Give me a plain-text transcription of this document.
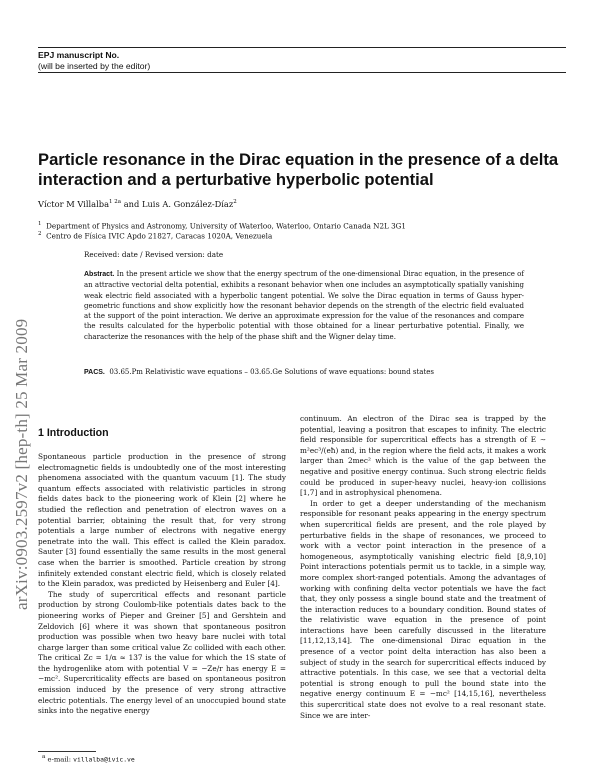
EPJ manuscript No.
(will be inserted by the editor)
Particle resonance in the Dirac equation in the presence of a delta interaction and a perturbative hyperbolic potential
Víctor M Villalba$^{1 2a}$ and Luis A. González-Díaz$^2$
$^1$ Department of Physics and Astronomy, University of Waterloo, Waterloo, Ontario Canada N2L 3G1
$^2$ Centro de Física IVIC Apdo 21827, Caracas 1020A, Venezuela
Received: date / Revised version: date
Abstract. In the present article we show that the energy spectrum of the one-dimensional Dirac equation, in the presence of an attractive vectorial delta potential, exhibits a resonant behavior when one includes an asymptotically spatially vanishing weak electric field associated with a hyperbolic tangent potential. We solve the Dirac equation in terms of Gauss hyper-geometric functions and show explicitly how the resonant behavior depends on the strength of the electric field evaluated at the support of the point interaction. We derive an approximate expression for the value of the resonances and compare the results calculated for the hyperbolic potential with those obtained for a linear perturbative potential. Finally, we characterize the resonances with the help of the phase shift and the Wigner delay time.
PACS. 03.65.Pm Relativistic wave equations – 03.65.Ge Solutions of wave equations: bound states
1 Introduction

Spontaneous particle production in the presence of strong electromagnetic fields is undoubtedly one of the most interesting phenomena associated with the quantum vacuum [1]. The study quantum effects associated with relativistic particles in strong fields dates back to the pioneering work of Klein [2] where he studied the reflection and penetration of electron waves on a potential barrier, obtaining the result that, for very strong potentials a large number of electrons with negative energy penetrate into the wall. This effect is called the Klein paradox. Sauter [3] found essentially the same results in the most general case when the barrier is smoothed. Particle creation by strong infinitely extended constant electric field, which is closely related to the Klein paradox, was predicted by Heisenberg and Euler [4].

The study of supercritical effects and resonant particle production by strong Coulomb-like potentials dates back to the pioneering works of Pieper and Greiner [5] and Gershtein and Zeldovich [6] where it was shown that spontaneous positron production was possible when two heavy bare nuclei with total charge larger than some critical value Zc collided with each other. The critical Zc = 1/α ≈ 137 is the value for which the 1S state of the hydrogenlike atom with potential V = −Ze/r has energy E = −mc². Supercriticality effects are based on spontaneous positron emission induced by the presence of very strong attractive electric potentials. The energy level of an unoccupied bound state sinks into the negative energy

continuum. An electron of the Dirac sea is trapped by the potential, leaving a positron that escapes to infinity. The electric field responsible for supercritical effects has a strength of E ∼ m²ec³/(eħ) and, in the region where the field acts, it makes a work larger than 2mec² which is the value of the gap between the negative and positive energy continua. Such strong electric fields could be produced in super-heavy nuclei, heavy-ion collisions [1,7] and in astrophysical phenomena.

In order to get a deeper understanding of the mechanism responsible for resonant peaks appearing in the energy spectrum when supercritical fields are present, and the role played by perturbative fields in the shape of resonances, we proceed to work with a vector point interaction in the presence of a homogeneous, asymptotically vanishing electric field [8,9,10] Point interactions potentials permit us to tackle, in a simple way, more complex short-ranged potentials. Among the advantages of working with confining delta vector potentials we have the fact that, they only possess a single bound state and the treatment of the interaction reduces to a boundary condition. Bound states of the relativistic wave equation in the presence of point interactions have been carefully discussed in the literature [11,12,13,14]. The one-dimensional Dirac equation in the presence of a vector point delta interaction has also been a subject of study in the search for supercritical effects induced by attractive potentials. In this case, we see that a vectorial delta potential is strong enough to pull the bound state into the negative energy continuum E = −mc² [14,15,16], nevertheless this supercritical state does not evolve to a real resonant state. Since we are inter-

$^a$ e-mail: villalba@ivic.ve
arXiv:0903.2597v2 [hep-th] 25 Mar 2009
